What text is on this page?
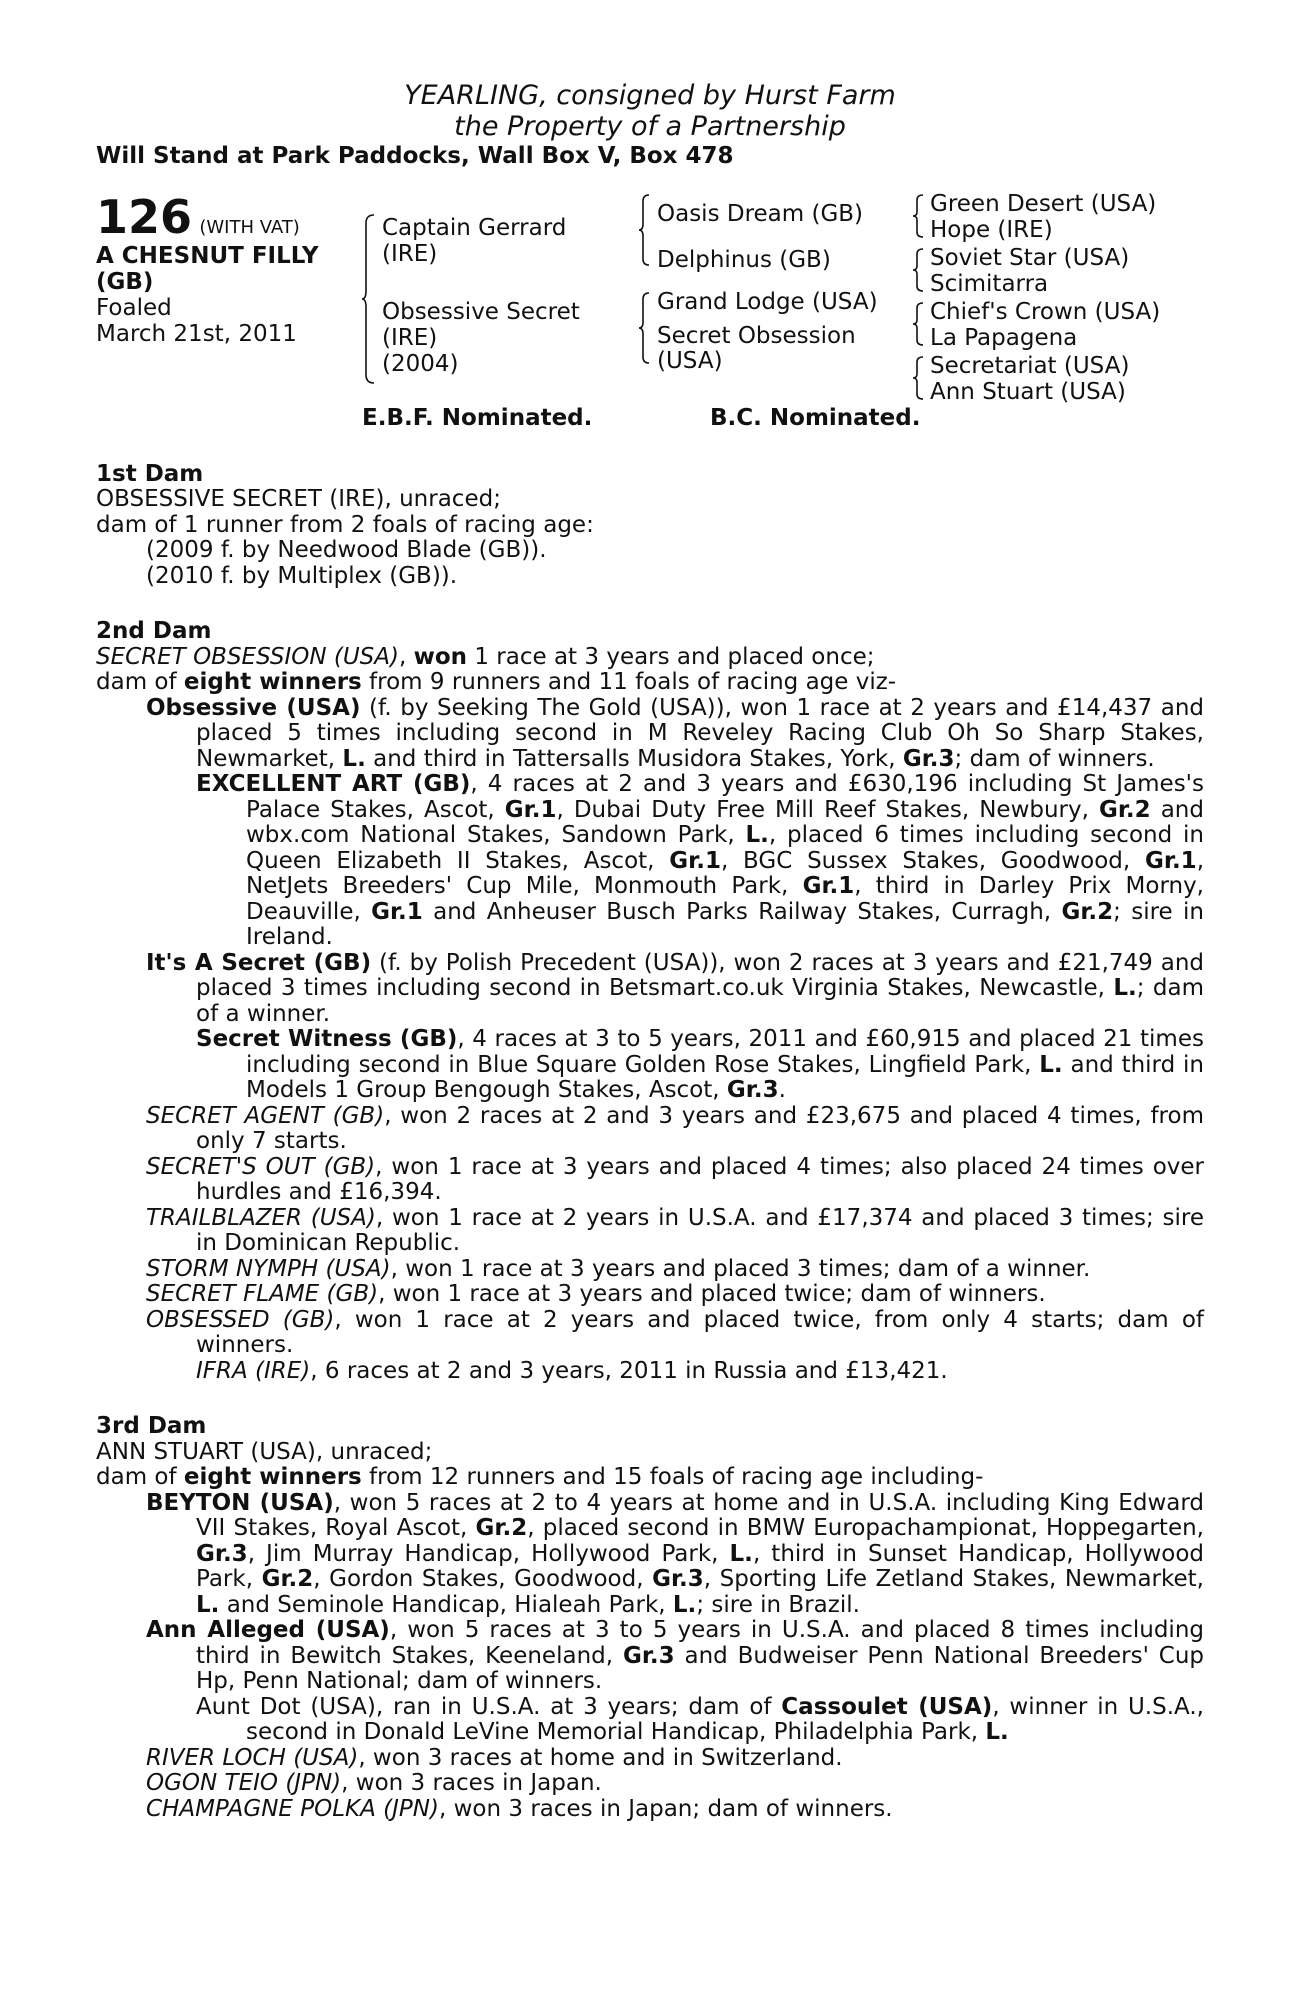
YEARLING, consigned by Hurst Farm
the Property of a Partnership
Will Stand at Park Paddocks, Wall Box V, Box 478
126 (WITH VAT)
A CHESNUT FILLY
(GB)
Foaled
March 21st, 2011
Captain Gerrard
(IRE)
Obsessive Secret
(IRE)
(2004)
Oasis Dream (GB)
Delphinus (GB)
Grand Lodge (USA)
Secret Obsession
(USA)
Green Desert (USA)
Hope (IRE)
Soviet Star (USA)
Scimitarra
Chief's Crown (USA)
La Papagena
Secretariat (USA)
Ann Stuart (USA)
E.B.F. Nominated.	B.C. Nominated.

1st Dam

OBSESSIVE SECRET (IRE), unraced;

dam of 1 runner from 2 foals of racing age:

(2009 f. by Needwood Blade (GB)).

(2010 f. by Multiplex (GB)).

2nd Dam

SECRET OBSESSION (USA), won 1 race at 3 years and placed once;

dam of eight winners from 9 runners and 11 foals of racing age viz-

Obsessive (USA) (f. by Seeking The Gold (USA)), won 1 race at 2 years and £14,437 and placed 5 times including second in M Reveley Racing Club Oh So Sharp Stakes, Newmarket, L. and third in Tattersalls Musidora Stakes, York, Gr.3; dam of winners.

EXCELLENT ART (GB), 4 races at 2 and 3 years and £630,196 including St James's Palace Stakes, Ascot, Gr.1, Dubai Duty Free Mill Reef Stakes, Newbury, Gr.2 and wbx.com National Stakes, Sandown Park, L., placed 6 times including second in Queen Elizabeth II Stakes, Ascot, Gr.1, BGC Sussex Stakes, Goodwood, Gr.1, NetJets Breeders' Cup Mile, Monmouth Park, Gr.1, third in Darley Prix Morny, Deauville, Gr.1 and Anheuser Busch Parks Railway Stakes, Curragh, Gr.2; sire in Ireland.

It's A Secret (GB) (f. by Polish Precedent (USA)), won 2 races at 3 years and £21,749 and placed 3 times including second in Betsmart.co.uk Virginia Stakes, Newcastle, L.; dam of a winner.

Secret Witness (GB), 4 races at 3 to 5 years, 2011 and £60,915 and placed 21 times including second in Blue Square Golden Rose Stakes, Lingfield Park, L. and third in Models 1 Group Bengough Stakes, Ascot, Gr.3.

SECRET AGENT (GB), won 2 races at 2 and 3 years and £23,675 and placed 4 times, from only 7 starts.

SECRET'S OUT (GB), won 1 race at 3 years and placed 4 times; also placed 24 times over hurdles and £16,394.

TRAILBLAZER (USA), won 1 race at 2 years in U.S.A. and £17,374 and placed 3 times; sire in Dominican Republic.

STORM NYMPH (USA), won 1 race at 3 years and placed 3 times; dam of a winner.

SECRET FLAME (GB), won 1 race at 3 years and placed twice; dam of winners.

OBSESSED (GB), won 1 race at 2 years and placed twice, from only 4 starts; dam of winners.

IFRA (IRE), 6 races at 2 and 3 years, 2011 in Russia and £13,421.

3rd Dam

ANN STUART (USA), unraced;

dam of eight winners from 12 runners and 15 foals of racing age including-

BEYTON (USA), won 5 races at 2 to 4 years at home and in U.S.A. including King Edward VII Stakes, Royal Ascot, Gr.2, placed second in BMW Europachampionat, Hoppegarten, Gr.3, Jim Murray Handicap, Hollywood Park, L., third in Sunset Handicap, Hollywood Park, Gr.2, Gordon Stakes, Goodwood, Gr.3, Sporting Life Zetland Stakes, Newmarket, L. and Seminole Handicap, Hialeah Park, L.; sire in Brazil.

Ann Alleged (USA), won 5 races at 3 to 5 years in U.S.A. and placed 8 times including third in Bewitch Stakes, Keeneland, Gr.3 and Budweiser Penn National Breeders' Cup Hp, Penn National; dam of winners.

Aunt Dot (USA), ran in U.S.A. at 3 years; dam of Cassoulet (USA), winner in U.S.A., second in Donald LeVine Memorial Handicap, Philadelphia Park, L.

RIVER LOCH (USA), won 3 races at home and in Switzerland.

OGON TEIO (JPN), won 3 races in Japan.

CHAMPAGNE POLKA (JPN), won 3 races in Japan; dam of winners.
